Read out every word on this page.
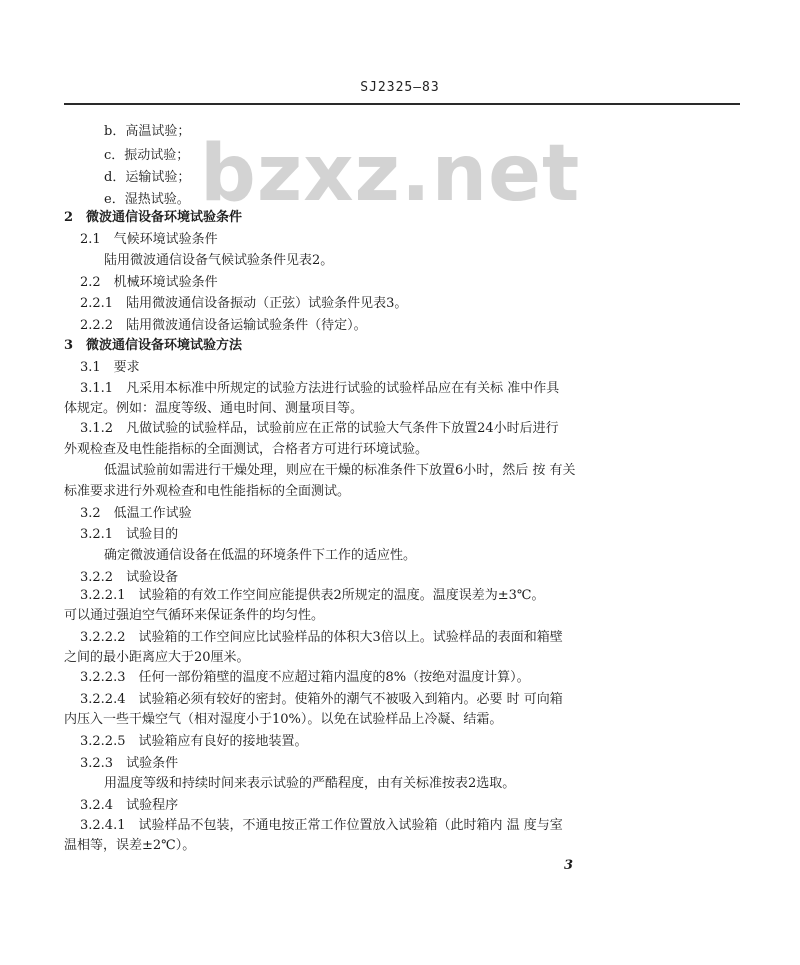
SJ2325—83
bzxz.net
b．高温试验；
c．振动试验；
d．运输试验；
e．湿热试验。
2　微波通信设备环境试验条件
2.1　气候环境试验条件
陆用微波通信设备气候试验条件见表2。
2.2　机械环境试验条件
2.2.1　陆用微波通信设备振动（正弦）试验条件见表3。
2.2.2　陆用微波通信设备运输试验条件（待定）。
3　微波通信设备环境试验方法
3.1　要求
3.1.1　凡采用本标准中所规定的试验方法进行试验的试验样品应在有关标 准中作具
体规定。例如：温度等级、通电时间、测量项目等。
3.1.2　凡做试验的试验样品，试验前应在正常的试验大气条件下放置24小时后进行
外观检查及电性能指标的全面测试，合格者方可进行环境试验。
低温试验前如需进行干燥处理，则应在干燥的标准条件下放置6小时，然后 按 有关
标准要求进行外观检查和电性能指标的全面测试。
3.2　低温工作试验
3.2.1　试验目的
确定微波通信设备在低温的环境条件下工作的适应性。
3.2.2　试验设备
3.2.2.1　试验箱的有效工作空间应能提供表2所规定的温度。温度误差为±3℃。
可以通过强迫空气循环来保证条件的均匀性。
3.2.2.2　试验箱的工作空间应比试验样品的体积大3倍以上。试验样品的表面和箱壁
之间的最小距离应大于20厘米。
3.2.2.3　任何一部份箱壁的温度不应超过箱内温度的8%（按绝对温度计算）。
3.2.2.4　试验箱必须有较好的密封。使箱外的潮气不被吸入到箱内。必要 时 可向箱
内压入一些干燥空气（相对湿度小于10%）。以免在试验样品上冷凝、结霜。
3.2.2.5　试验箱应有良好的接地装置。
3.2.3　试验条件
用温度等级和持续时间来表示试验的严酷程度，由有关标准按表2选取。
3.2.4　试验程序
3.2.4.1　试验样品不包装，不通电按正常工作位置放入试验箱（此时箱内 温 度与室
温相等，误差±2℃）。
3
